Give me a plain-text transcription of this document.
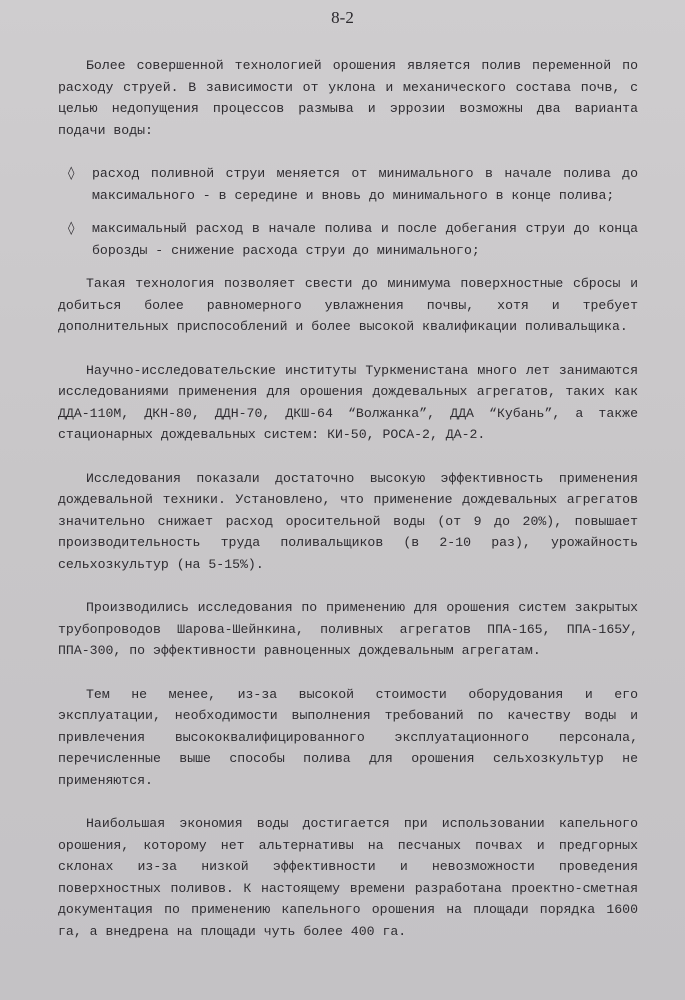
8-2

Более совершенной технологией орошения является полив переменной по расходу струей. В зависимости от уклона и механического состава почв, с целью недопущения процессов размыва и эррозии возможны два варианта подачи воды:

◊ расход поливной струи меняется от минимального в начале полива до максимального - в середине и вновь до минимального в конце полива;
◊ максимальный расход в начале полива и после добегания струи до конца борозды - снижение расхода струи до минимального;

Такая технология позволяет свести до минимума поверхностные сбросы и добиться более равномерного увлажнения почвы, хотя и требует дополнительных приспособлений и более высокой квалификации поливальщика.

Научно-исследовательские институты Туркменистана много лет занимаются исследованиями применения для орошения дождевальных агрегатов, таких как ДДА-110М, ДКН-80, ДДН-70, ДКШ-64 “Волжанка”, ДДА “Кубань”, а также стационарных дождевальных систем: КИ-50, РОСА-2, ДА-2.

Исследования показали достаточно высокую эффективность применения дождевальной техники. Установлено, что применение дождевальных агрегатов значительно снижает расход оросительной воды (от 9 до 20%), повышает производительность труда поливальщиков (в 2-10 раз), урожайность сельхозкультур (на 5-15%).

Производились исследования по применению для орошения систем закрытых трубопроводов Шарова-Шейнкина, поливных агрегатов ППА-165, ППА-165У, ППА-300, по эффективности равноценных дождевальным агрегатам.

Тем не менее, из-за высокой стоимости оборудования и его эксплуатации, необходимости выполнения требований по качеству воды и привлечения высококвалифицированного эксплуатационного персонала, перечисленные выше способы полива для орошения сельхозкультур не применяются.

Наибольшая экономия воды достигается при использовании капельного орошения, которому нет альтернативы на песчаных почвах и предгорных склонах из-за низкой эффективности и невозможности проведения поверхностных поливов. К настоящему времени разработана проектно-сметная документация по применению капельного орошения на площади порядка 1600 га, а внедрена на площади чуть более 400 га.
